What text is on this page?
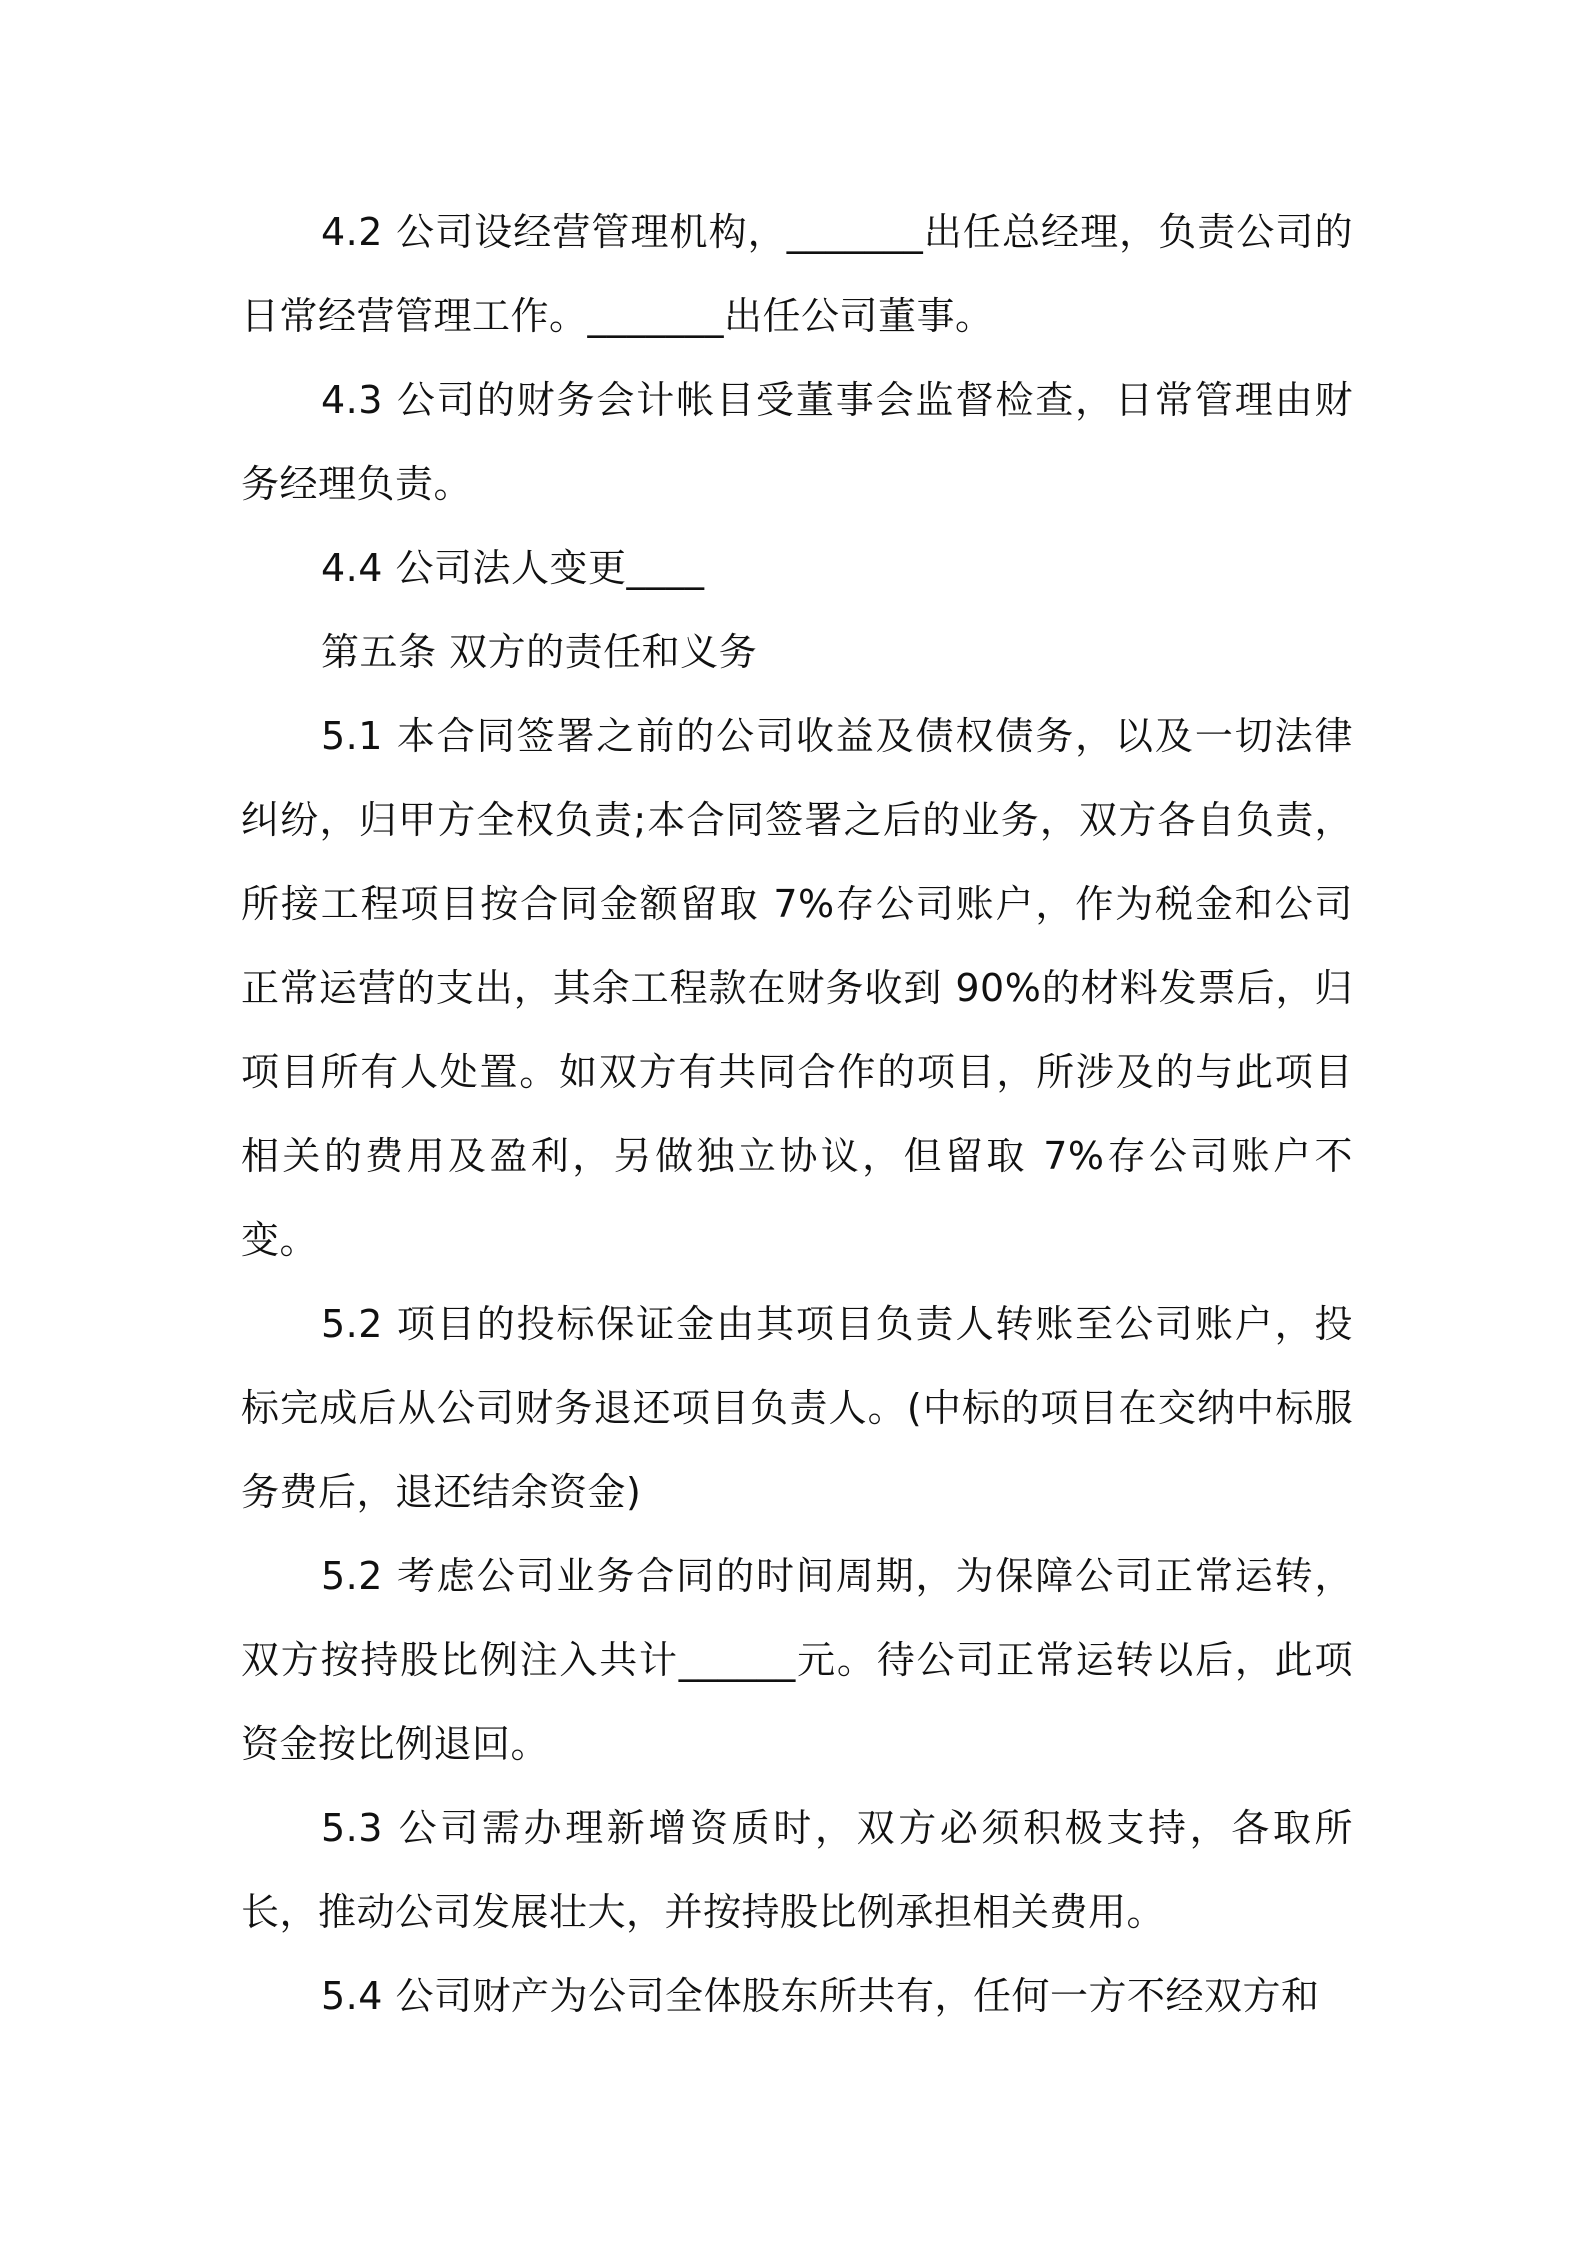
4.2 公司设经营管理机构，_______出任总经理，负责公司的日常经营管理工作。_______出任公司董事。

4.3 公司的财务会计帐目受董事会监督检查，日常管理由财务经理负责。

4.4 公司法人变更____

第五条 双方的责任和义务

5.1 本合同签署之前的公司收益及债权债务，以及一切法律纠纷，归甲方全权负责;本合同签署之后的业务，双方各自负责，所接工程项目按合同金额留取 7%存公司账户，作为税金和公司正常运营的支出，其余工程款在财务收到 90%的材料发票后，归项目所有人处置。如双方有共同合作的项目，所涉及的与此项目相关的费用及盈利，另做独立协议，但留取 7%存公司账户不变。

5.2 项目的投标保证金由其项目负责人转账至公司账户，投标完成后从公司财务退还项目负责人。(中标的项目在交纳中标服务费后，退还结余资金)

5.2 考虑公司业务合同的时间周期，为保障公司正常运转，双方按持股比例注入共计______元。待公司正常运转以后，此项资金按比例退回。

5.3 公司需办理新增资质时，双方必须积极支持，各取所长，推动公司发展壮大，并按持股比例承担相关费用。

5.4 公司财产为公司全体股东所共有，任何一方不经双方和
